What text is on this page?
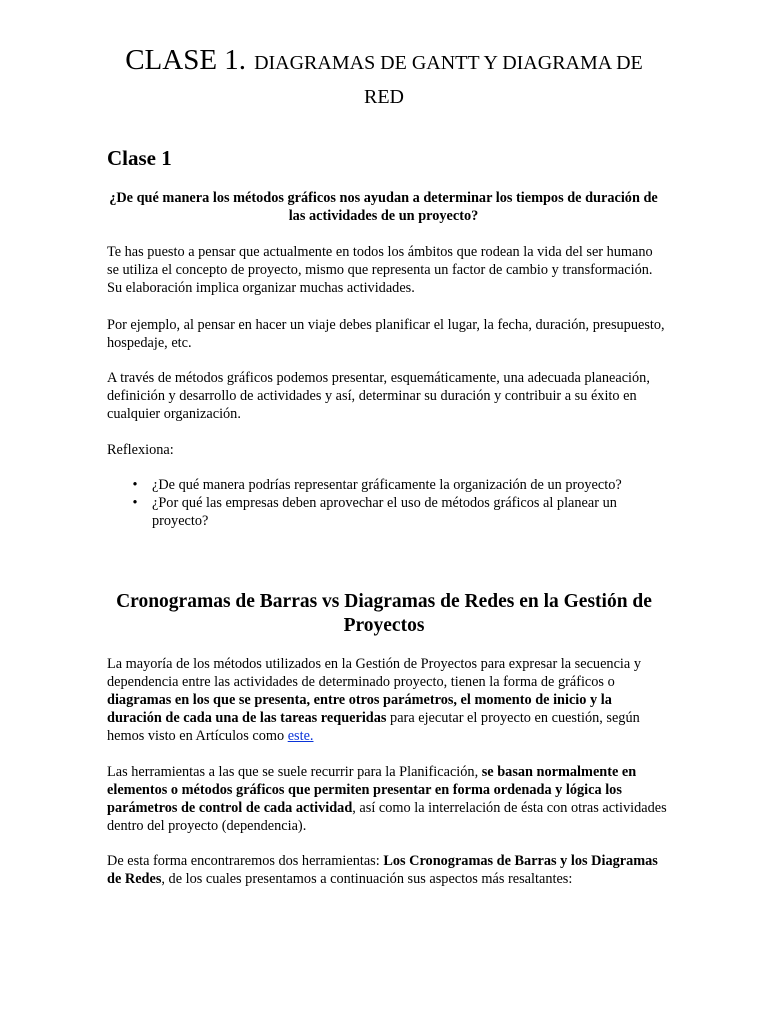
CLASE 1. DIAGRAMAS DE GANTT Y DIAGRAMA DE
RED
Clase 1

¿De qué manera los métodos gráficos nos ayudan a determinar los tiempos de duración de las actividades de un proyecto?

Te has puesto a pensar que actualmente en todos los ámbitos que rodean la vida del ser humano se utiliza el concepto de proyecto, mismo que representa un factor de cambio y transformación. Su elaboración implica organizar muchas actividades.

Por ejemplo, al pensar en hacer un viaje debes planificar el lugar, la fecha, duración, presupuesto, hospedaje, etc.

A través de métodos gráficos podemos presentar, esquemáticamente, una adecuada planeación, definición y desarrollo de actividades y así, determinar su duración y contribuir a su éxito en cualquier organización.

Reflexiona:

• ¿De qué manera podrías representar gráficamente la organización de un proyecto?
• ¿Por qué las empresas deben aprovechar el uso de métodos gráficos al planear un proyecto?
Cronogramas de Barras vs Diagramas de Redes en la Gestión de Proyectos

La mayoría de los métodos utilizados en la Gestión de Proyectos para expresar la secuencia y dependencia entre las actividades de determinado proyecto, tienen la forma de gráficos o diagramas en los que se presenta, entre otros parámetros, el momento de inicio y la duración de cada una de las tareas requeridas para ejecutar el proyecto en cuestión, según hemos visto en Artículos como este.

Las herramientas a las que se suele recurrir para la Planificación, se basan normalmente en elementos o métodos gráficos que permiten presentar en forma ordenada y lógica los parámetros de control de cada actividad, así como la interrelación de ésta con otras actividades dentro del proyecto (dependencia).

De esta forma encontraremos dos herramientas: Los Cronogramas de Barras y los Diagramas de Redes, de los cuales presentamos a continuación sus aspectos más resaltantes:
